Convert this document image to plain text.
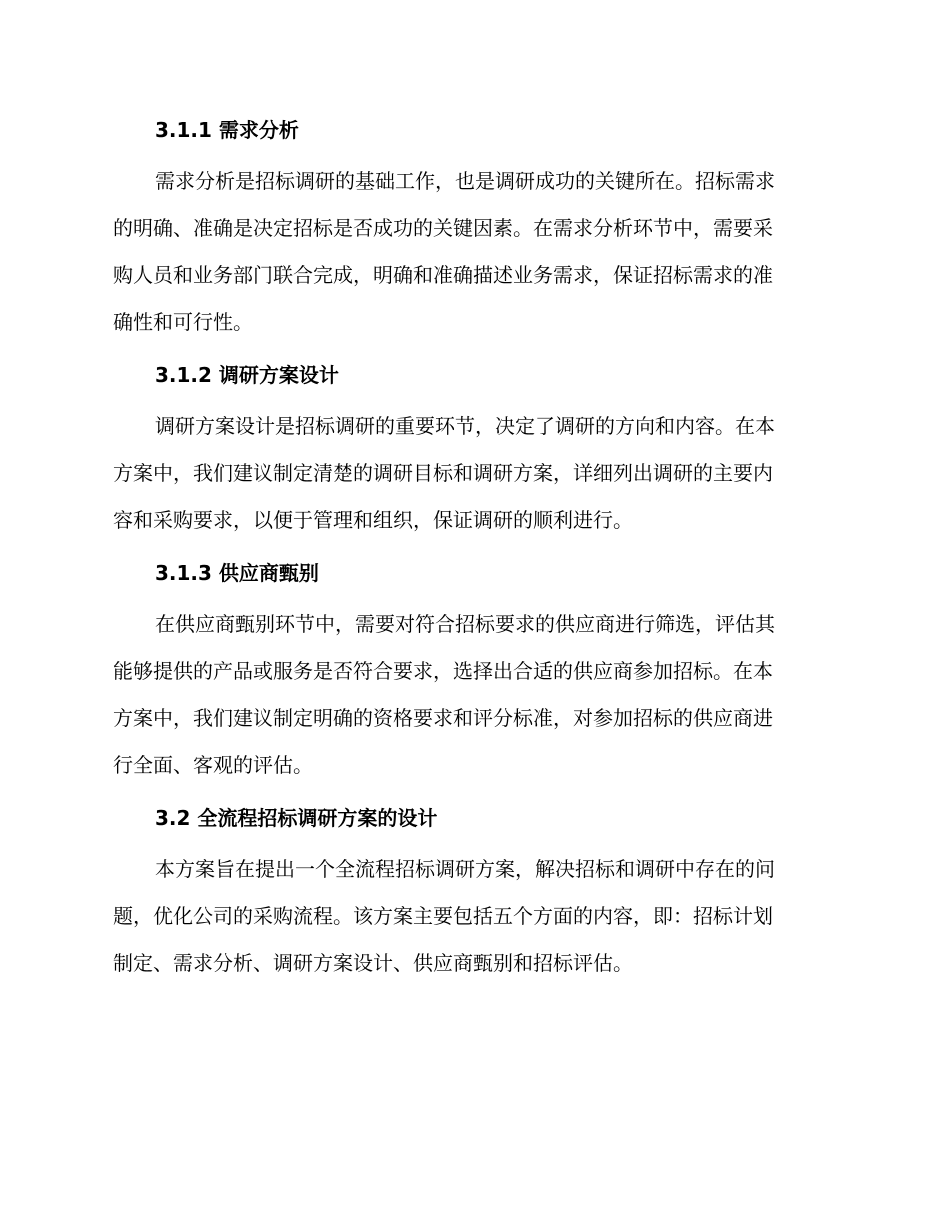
3.1.1 需求分析

需求分析是招标调研的基础工作，也是调研成功的关键所在。招标需求
的明确、准确是决定招标是否成功的关键因素。在需求分析环节中，需要采
购人员和业务部门联合完成，明确和准确描述业务需求，保证招标需求的准
确性和可行性。

3.1.2 调研方案设计

调研方案设计是招标调研的重要环节，决定了调研的方向和内容。在本
方案中，我们建议制定清楚的调研目标和调研方案，详细列出调研的主要内
容和采购要求，以便于管理和组织，保证调研的顺利进行。

3.1.3 供应商甄别

在供应商甄别环节中，需要对符合招标要求的供应商进行筛选，评估其
能够提供的产品或服务是否符合要求，选择出合适的供应商参加招标。在本
方案中，我们建议制定明确的资格要求和评分标准，对参加招标的供应商进
行全面、客观的评估。

3.2 全流程招标调研方案的设计

本方案旨在提出一个全流程招标调研方案，解决招标和调研中存在的问
题，优化公司的采购流程。该方案主要包括五个方面的内容，即：招标计划
制定、需求分析、调研方案设计、供应商甄别和招标评估。
